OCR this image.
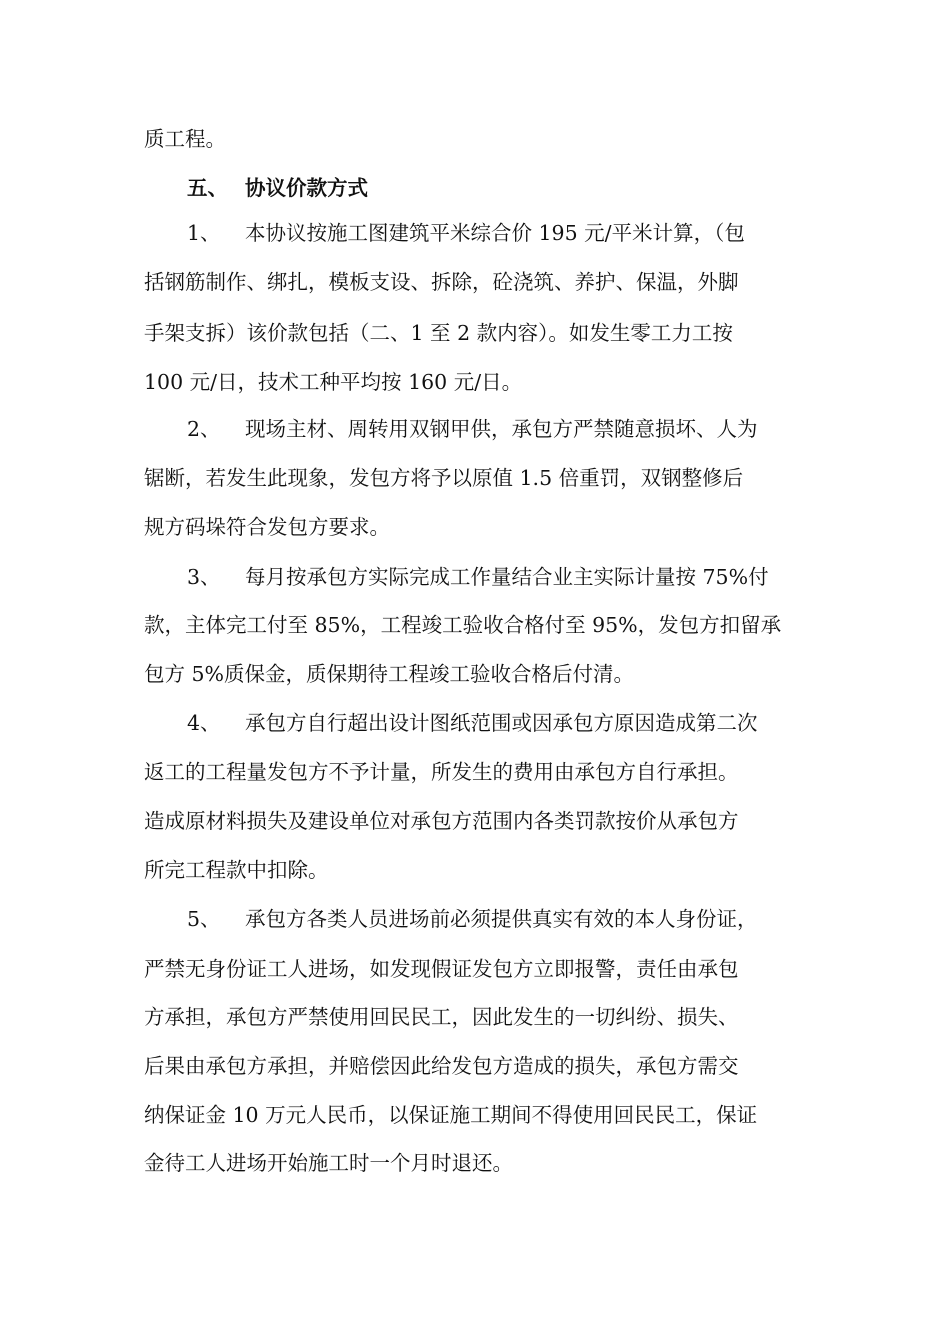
质工程。
五、 协议价款方式
1、 本协议按施工图建筑平米综合价 195 元/平米计算，（包
括钢筋制作、绑扎，模板支设、拆除，砼浇筑、养护、保温，外脚
手架支拆）该价款包括（二、1 至 2 款内容）。如发生零工力工按
100 元/日，技术工种平均按 160 元/日。
2、 现场主材、周转用双钢甲供，承包方严禁随意损坏、人为
锯断，若发生此现象，发包方将予以原值 1.5 倍重罚，双钢整修后
规方码垛符合发包方要求。
3、 每月按承包方实际完成工作量结合业主实际计量按 75%付
款，主体完工付至 85%，工程竣工验收合格付至 95%，发包方扣留承
包方 5%质保金，质保期待工程竣工验收合格后付清。
4、 承包方自行超出设计图纸范围或因承包方原因造成第二次
返工的工程量发包方不予计量，所发生的费用由承包方自行承担。
造成原材料损失及建设单位对承包方范围内各类罚款按价从承包方
所完工程款中扣除。
5、 承包方各类人员进场前必须提供真实有效的本人身份证，
严禁无身份证工人进场，如发现假证发包方立即报警，责任由承包
方承担，承包方严禁使用回民民工，因此发生的一切纠纷、损失、
后果由承包方承担，并赔偿因此给发包方造成的损失，承包方需交
纳保证金 10 万元人民币，以保证施工期间不得使用回民民工，保证
金待工人进场开始施工时一个月时退还。
